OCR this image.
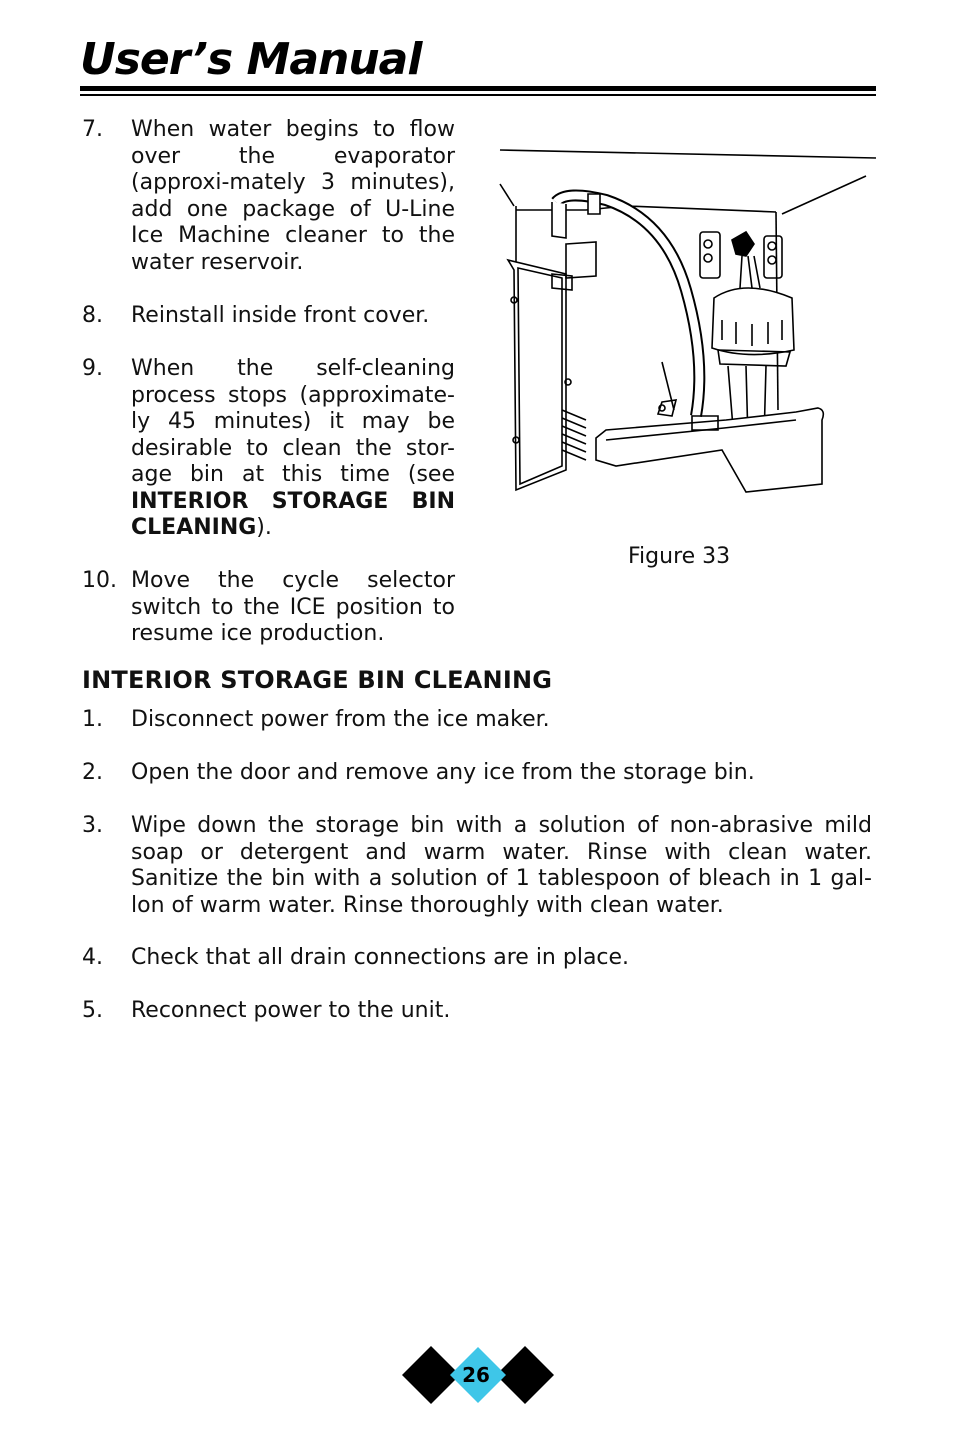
User’s Manual
7.	When water begins to flow over the evaporator (approxi-mately 3 minutes), add one package of U-Line Ice Machine cleaner to the water reservoir.
8.	Reinstall inside front cover.
9.	When the self-cleaning process stops (approximate-ly 45 minutes) it may be desirable to clean the stor-age bin at this time (see INTERIOR STORAGE BIN CLEANING).
10. Move the cycle selector switch to the ICE position to resume ice production.
Figure 33
INTERIOR STORAGE BIN CLEANING
1.	Disconnect power from the ice maker.
2.	Open the door and remove any ice from the storage bin.
3.	Wipe down the storage bin with a solution of non-abrasive mild soap or detergent and warm water. Rinse with clean water. Sanitize the bin with a solution of 1 tablespoon of bleach in 1 gal-lon of warm water. Rinse thoroughly with clean water.
4.	Check that all drain connections are in place.
5.	Reconnect power to the unit.
26
